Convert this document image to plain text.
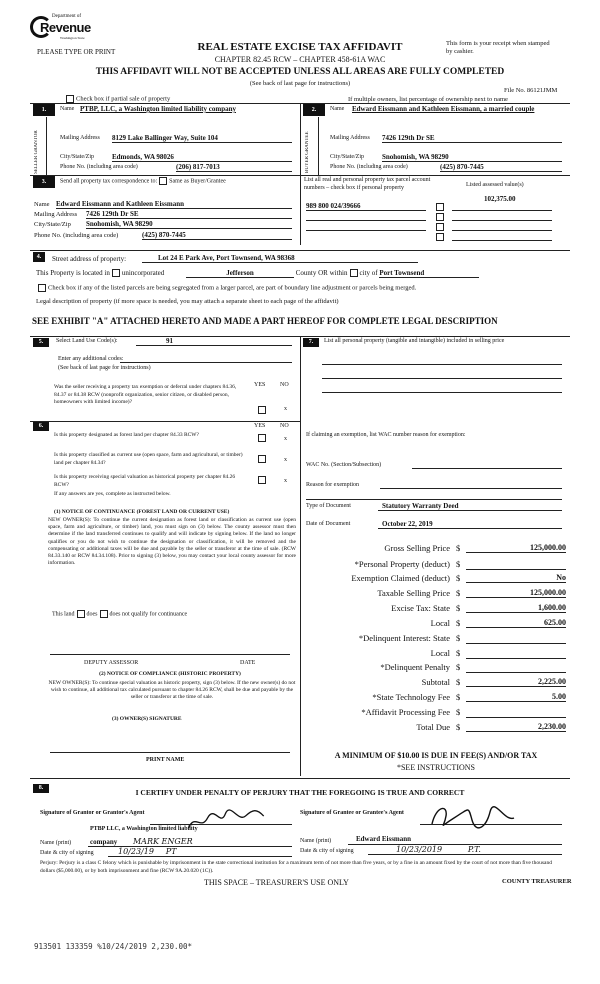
Department of
Revenue
Washington State
PLEASE TYPE OR PRINT	REAL ESTATE EXCISE TAX AFFIDAVIT
CHAPTER 82.45 RCW – CHAPTER 458-61A WAC
This form is your receipt when stamped by cashier.
THIS AFFIDAVIT WILL NOT BE ACCEPTED UNLESS ALL AREAS ARE FULLY COMPLETED
(See back of last page for instructions)
File No. 86121JMM
Check box if partial sale of property	If multiple owners, list percentage of ownership next to name
1.
SELLER GRANTOR
Name PTBP, LLC, a Washington limited liability company
Mailing Address 8129 Lake Ballinger Way, Suite 104
City/State/Zip	Edmonds, WA 98026
Phone No. (including area code)	(206) 817-7013
2.
BUYER GRANTEE
Name Edward Eissmann and Kathleen Eissmann, a married couple
Mailing Address 7426 129th Dr SE
City/State/Zip	Snohomish, WA 98290
Phone No. (including area code)	(425) 870-7445
3.	Send all property tax correspondence to: Same as Buyer/Grantee
Name Edward Eissmann and Kathleen Eissmann
Mailing Address 7426 129th Dr SE
City/State/Zip Snohomish, WA 98290
Phone No. (including area code)	(425) 870-7445
List all real and personal property tax parcel account numbers – check box if personal property	Listed assessed value(s)
102,375.00
989 800 024/39666
4.	Street address of property:	Lot 24 E Park Ave, Port Townsend, WA 98368
This Property is located in unincorporated	Jefferson	County OR within city of Port Townsend
Check box if any of the listed parcels are being segregated from a larger parcel, are part of boundary line adjustment or parcels being merged.
Legal description of property (if more space is needed, you may attach a separate sheet to each page of the affidavit)
SEE EXHIBIT "A" ATTACHED HERETO AND MADE A PART HEREOF FOR COMPLETE LEGAL DESCRIPTION
5.	Select Land Use Code(s):	91
Enter any additional codes:
(See back of last page for instructions)
YES NO
Was the seller receiving a property tax exemption or deferral under chapters 84.36, 84.37 or 84.38 RCW (nonprofit organization, senior citizen, or disabled person, homeowners with limited income)?
x
6.	YES NO
Is this property designated as forest land per chapter 84.33 RCW?
x
Is this property classified as current use (open space, farm and agricultural, or timber) land per chapter 84.34?	x
Is this property receiving special valuation as historical property per chapter 84.26 RCW?
x
If any answers are yes, complete as instructed below.
(1) NOTICE OF CONTINUANCE (FOREST LAND OR CURRENT USE)
NEW OWNER(S): To continue the current designation as forest land or classification as current use (open space, farm and agriculture, or timber) land, you must sign on (3) below. The county assessor must then determine if the land transferred continues to qualify and will indicate by signing below. If the land no longer qualifies or you do not wish to continue the designation or classification, it will be removed and the compensating or additional taxes will be due and payable by the seller or transferor at the time of sale. (RCW 84.33.140 or RCW 84.34.108). Prior to signing (3) below, you may contact your local county assessor for more information.
This land does does not qualify for continuance
DEPUTY ASSESSOR	DATE
(2) NOTICE OF COMPLIANCE (HISTORIC PROPERTY)
NEW OWNER(S): To continue special valuation as historic property, sign (3) below. If the new owner(s) do not wish to continue, all additional tax calculated pursuant to chapter 84.26 RCW, shall be due and payable by the seller or transferor at the time of sale.
(3) OWNER(S) SIGNATURE
PRINT NAME
7.	List all personal property (tangible and intangible) included in selling price
If claiming an exemption, list WAC number reason for exemption:
WAC No. (Section/Subsection)
Reason for exemption
Type of Document	Statutory Warranty Deed
Date of Document	October 22, 2019
Gross Selling Price $	125,000.00
*Personal Property (deduct) $
Exemption Claimed (deduct) $	No
Taxable Selling Price $	125,000.00
Excise Tax: State $	1,600.00
Local $	625.00
*Delinquent Interest: State $
Local $
*Delinquent Penalty $
Subtotal $	2,225.00
*State Technology Fee $	5.00
*Affidavit Processing Fee $
Total Due $	2,230.00
A MINIMUM OF $10.00 IS DUE IN FEE(S) AND/OR TAX
*SEE INSTRUCTIONS
8.	I CERTIFY UNDER PENALTY OF PERJURY THAT THE FOREGOING IS TRUE AND CORRECT
Signature of Grantor or Grantor's Agent
PTBP LLC, a Washington limited liability
Name (print)	company MARK ENGER
Date & city of signing	10/23/19 PT
Signature of Grantee or Grantee's Agent
Name (print)	Edward Eissmann
Date & city of signing	10/23/2019	P.T.
Perjury: Perjury is a class C felony which is punishable by imprisonment in the state correctional institution for a maximum term of not more than five years, or by a fine in an amount fixed by the court of not more than five thousand dollars ($5,000.00), or by both imprisonment and fine (RCW 9A.20.020 (1C)).
THIS SPACE – TREASURER'S USE ONLY	COUNTY TREASURER
913501 133359 %10/24/2019 2,230.00*
